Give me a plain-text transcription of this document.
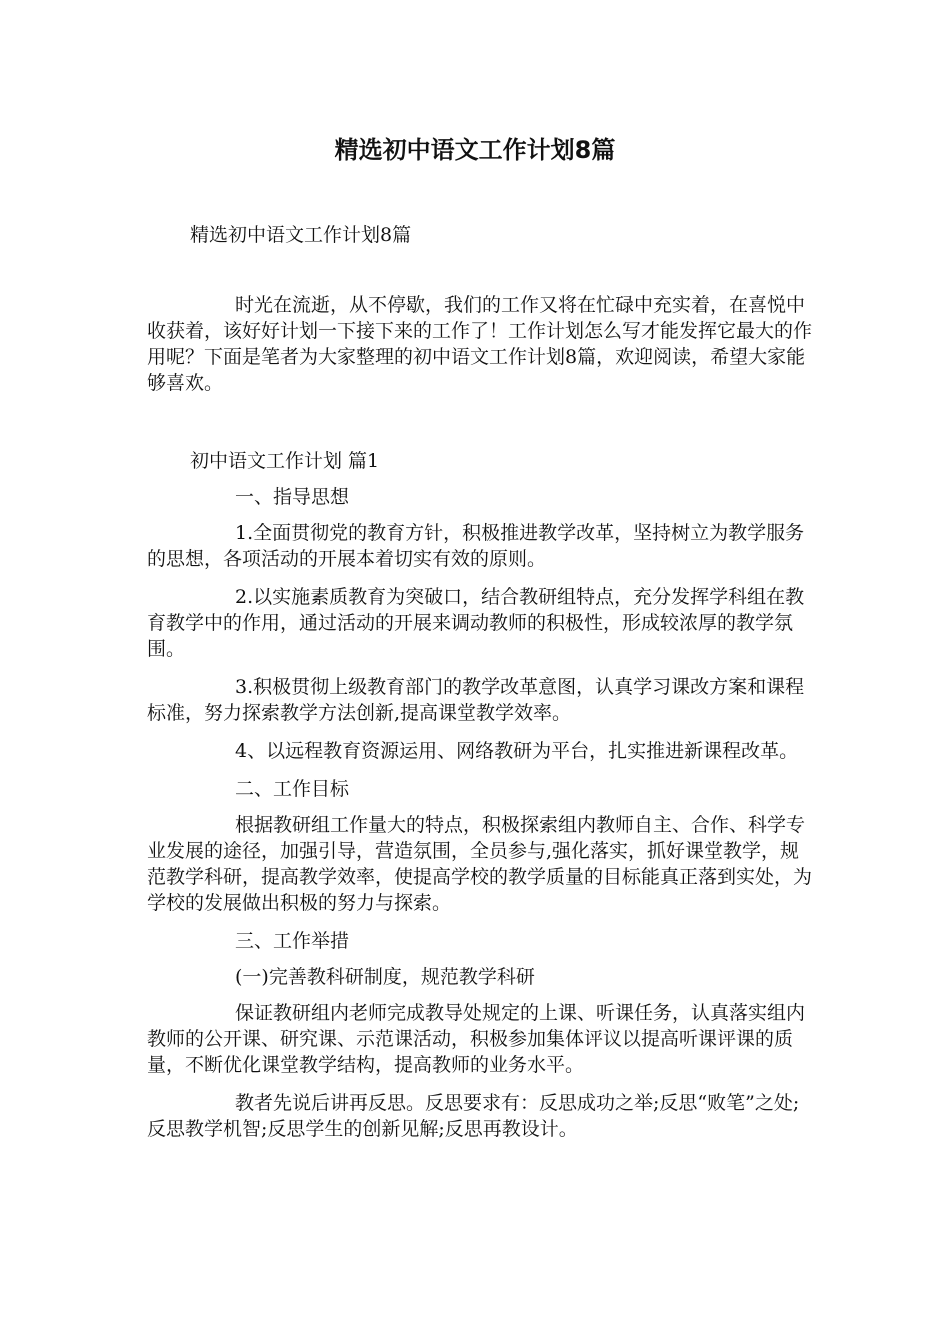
精选初中语文工作计划8篇

精选初中语文工作计划8篇

时光在流逝，从不停歇，我们的工作又将在忙碌中充实着，在喜悦中收获着，该好好计划一下接下来的工作了！工作计划怎么写才能发挥它最大的作用呢？下面是笔者为大家整理的初中语文工作计划8篇，欢迎阅读，希望大家能够喜欢。

初中语文工作计划 篇1

一、指导思想

1.全面贯彻党的教育方针，积极推进教学改革，坚持树立为教学服务的思想，各项活动的开展本着切实有效的原则。

2.以实施素质教育为突破口，结合教研组特点，充分发挥学科组在教育教学中的作用，通过活动的开展来调动教师的积极性，形成较浓厚的教学氛围。

3.积极贯彻上级教育部门的教学改革意图，认真学习课改方案和课程标准，努力探索教学方法创新,提高课堂教学效率。

4、以远程教育资源运用、网络教研为平台，扎实推进新课程改革。

二、工作目标

根据教研组工作量大的特点，积极探索组内教师自主、合作、科学专业发展的途径，加强引导，营造氛围，全员参与,强化落实，抓好课堂教学，规范教学科研，提高教学效率，使提高学校的教学质量的目标能真正落到实处，为学校的发展做出积极的努力与探索。

三、工作举措

(一)完善教科研制度，规范教学科研

保证教研组内老师完成教导处规定的上课、听课任务，认真落实组内教师的公开课、研究课、示范课活动，积极参加集体评议以提高听课评课的质量，不断优化课堂教学结构，提高教师的业务水平。

教者先说后讲再反思。反思要求有：反思成功之举;反思“败笔”之处;反思教学机智;反思学生的创新见解;反思再教设计。
